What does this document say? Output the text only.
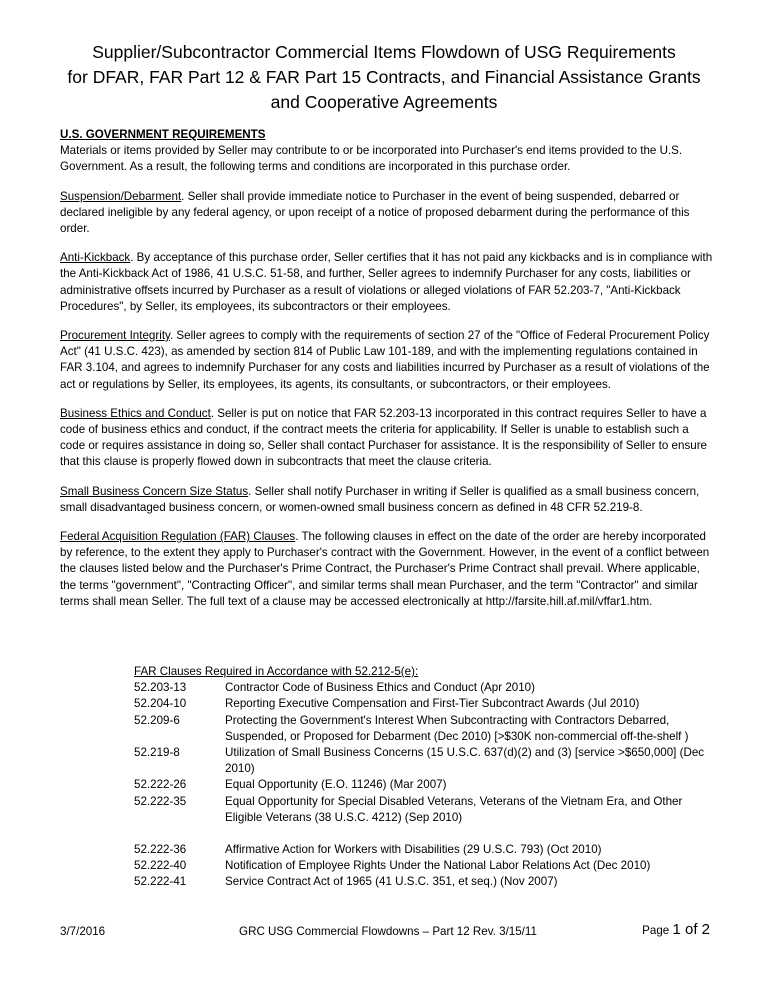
Supplier/Subcontractor Commercial Items Flowdown of USG Requirements
for DFAR, FAR Part 12 & FAR Part 15 Contracts, and Financial Assistance Grants
and Cooperative Agreements

U.S. GOVERNMENT REQUIREMENTS
Materials or items provided by Seller may contribute to or be incorporated into Purchaser's end items provided to the U.S. Government. As a result, the following terms and conditions are incorporated in this purchase order.

Suspension/Debarment. Seller shall provide immediate notice to Purchaser in the event of being suspended, debarred or declared ineligible by any federal agency, or upon receipt of a notice of proposed debarment during the performance of this order.

Anti-Kickback. By acceptance of this purchase order, Seller certifies that it has not paid any kickbacks and is in compliance with the Anti-Kickback Act of 1986, 41 U.S.C. 51-58, and further, Seller agrees to indemnify Purchaser for any costs, liabilities or administrative offsets incurred by Purchaser as a result of violations or alleged violations of FAR 52.203-7, "Anti-Kickback Procedures", by Seller, its employees, its subcontractors or their employees.

Procurement Integrity. Seller agrees to comply with the requirements of section 27 of the "Office of Federal Procurement Policy Act" (41 U.S.C. 423), as amended by section 814 of Public Law 101-189, and with the implementing regulations contained in FAR 3.104, and agrees to indemnify Purchaser for any costs and liabilities incurred by Purchaser as a result of violations of the act or regulations by Seller, its employees, its agents, its consultants, or subcontractors, or their employees.

Business Ethics and Conduct. Seller is put on notice that FAR 52.203-13 incorporated in this contract requires Seller to have a code of business ethics and conduct, if the contract meets the criteria for applicability. If Seller is unable to establish such a code or requires assistance in doing so, Seller shall contact Purchaser for assistance. It is the responsibility of Seller to ensure that this clause is properly flowed down in subcontracts that meet the clause criteria.

Small Business Concern Size Status. Seller shall notify Purchaser in writing if Seller is qualified as a small business concern, small disadvantaged business concern, or women-owned small business concern as defined in 48 CFR 52.219-8.

Federal Acquisition Regulation (FAR) Clauses. The following clauses in effect on the date of the order are hereby incorporated by reference, to the extent they apply to Purchaser's contract with the Government. However, in the event of a conflict between the clauses listed below and the Purchaser's Prime Contract, the Purchaser's Prime Contract shall prevail. Where applicable, the terms "government", "Contracting Officer", and similar terms shall mean Purchaser, and the term "Contractor" and similar terms shall mean Seller. The full text of a clause may be accessed electronically at http://farsite.hill.af.mil/vffar1.htm.

FAR Clauses Required in Accordance with 52.212-5(e):
52.203-13	Contractor Code of Business Ethics and Conduct (Apr 2010)
52.204-10	Reporting Executive Compensation and First-Tier Subcontract Awards (Jul 2010)
52.209-6	Protecting the Government's Interest When Subcontracting with Contractors Debarred, Suspended, or Proposed for Debarment (Dec 2010) [>$30K non-commercial off-the-shelf )
52.219-8	Utilization of Small Business Concerns (15 U.S.C. 637(d)(2) and (3) [service >$650,000] (Dec 2010)
52.222-26	Equal Opportunity (E.O. 11246) (Mar 2007)
52.222-35	Equal Opportunity for Special Disabled Veterans, Veterans of the Vietnam Era, and Other Eligible Veterans (38 U.S.C. 4212) (Sep 2010)
52.222-36	Affirmative Action for Workers with Disabilities (29 U.S.C. 793) (Oct 2010)
52.222-40	Notification of Employee Rights Under the National Labor Relations Act (Dec 2010)
52.222-41	Service Contract Act of 1965 (41 U.S.C. 351, et seq.) (Nov 2007)
3/7/2016	GRC USG Commercial Flowdowns – Part 12 Rev. 3/15/11	Page 1 of 2
